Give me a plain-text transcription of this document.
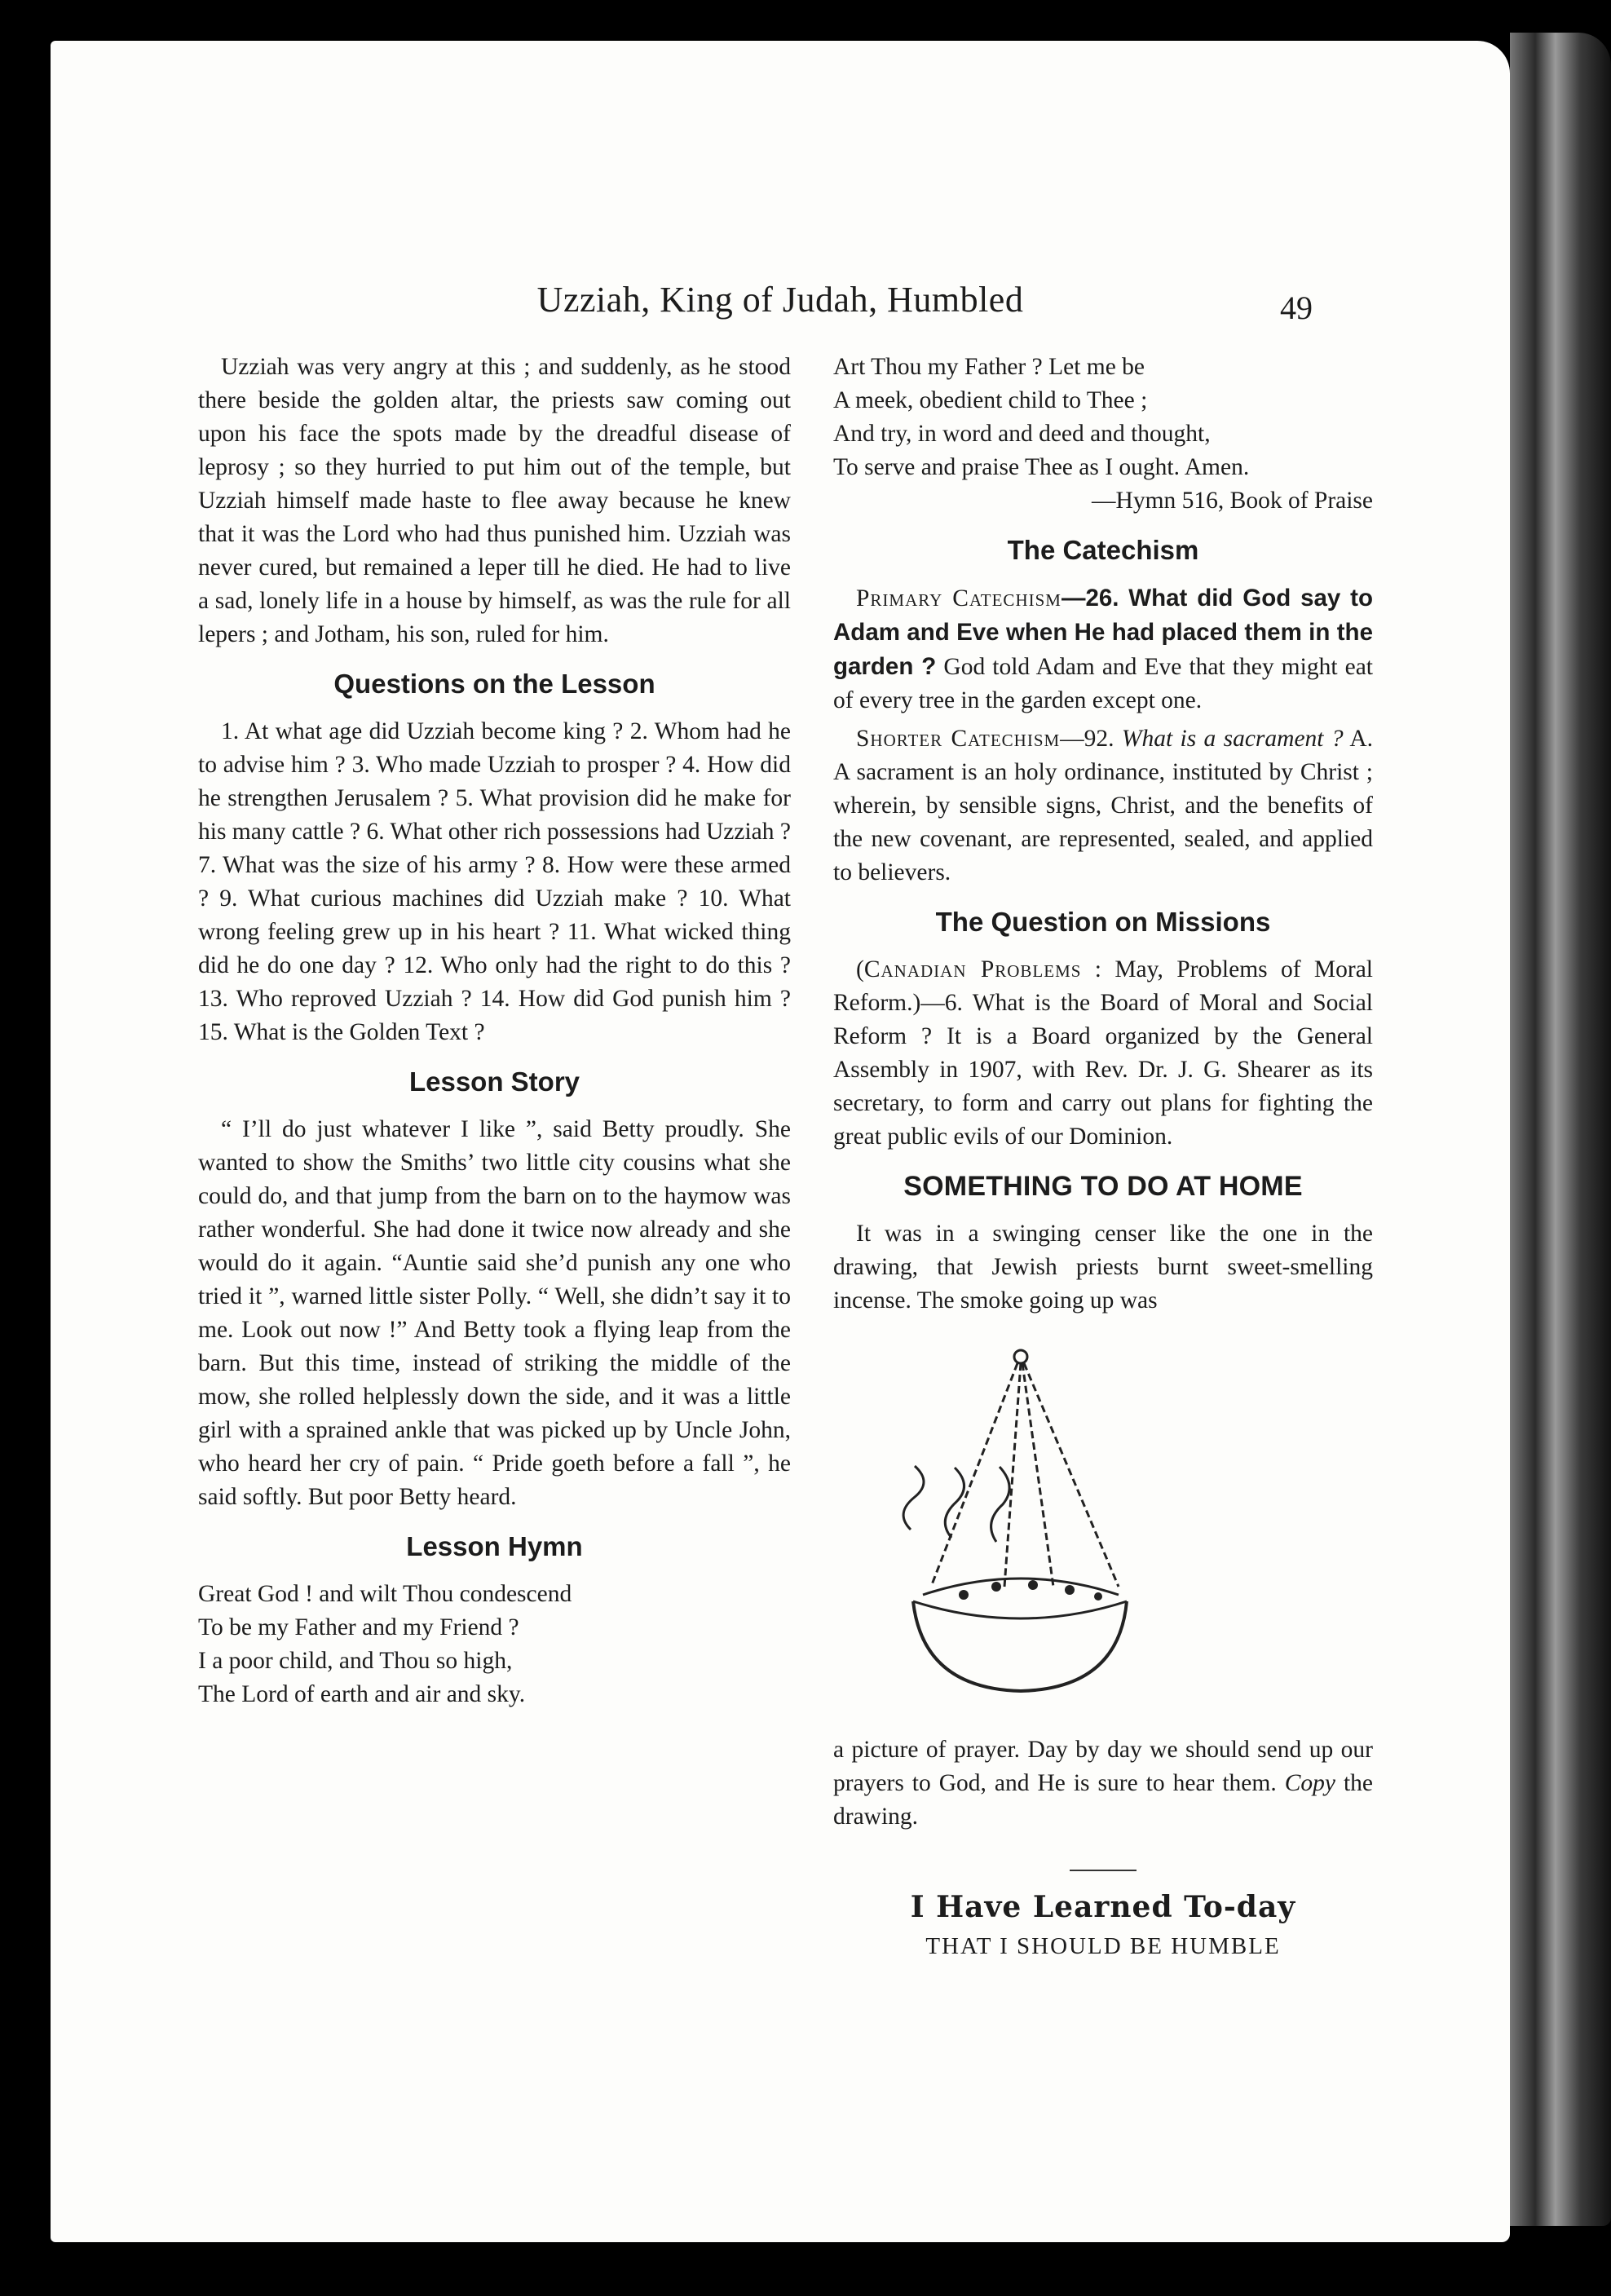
Uzziah, King of Judah, Humbled	49

Uzziah was very angry at this ; and suddenly, as he stood there beside the golden altar, the priests saw coming out upon his face the spots made by the dreadful disease of leprosy ; so they hurried to put him out of the temple, but Uzziah himself made haste to flee away because he knew that it was the Lord who had thus punished him. Uzziah was never cured, but remained a leper till he died. He had to live a sad, lonely life in a house by himself, as was the rule for all lepers ; and Jotham, his son, ruled for him.

Questions on the Lesson

1. At what age did Uzziah become king ? 2. Whom had he to advise him ? 3. Who made Uzziah to prosper ? 4. How did he strengthen Jerusalem ? 5. What provision did he make for his many cattle ? 6. What other rich possessions had Uzziah ? 7. What was the size of his army ? 8. How were these armed ? 9. What curious machines did Uzziah make ? 10. What wrong feeling grew up in his heart ? 11. What wicked thing did he do one day ? 12. Who only had the right to do this ? 13. Who reproved Uzziah ? 14. How did God punish him ? 15. What is the Golden Text ?

Lesson Story

“ I’ll do just whatever I like ”, said Betty proudly. She wanted to show the Smiths’ two little city cousins what she could do, and that jump from the barn on to the haymow was rather wonderful. She had done it twice now already and she would do it again. “Auntie said she’d punish any one who tried it ”, warned little sister Polly. “ Well, she didn’t say it to me. Look out now !” And Betty took a flying leap from the barn. But this time, instead of striking the middle of the mow, she rolled helplessly down the side, and it was a little girl with a sprained ankle that was picked up by Uncle John, who heard her cry of pain. “ Pride goeth before a fall ”, he said softly. But poor Betty heard.

Lesson Hymn
Great God ! and wilt Thou condescend
To be my Father and my Friend ?
I a poor child, and Thou so high,
The Lord of earth and air and sky.
Art Thou my Father ? Let me be
A meek, obedient child to Thee ;
And try, in word and deed and thought,
To serve and praise Thee as I ought. Amen.
—Hymn 516, Book of Praise
The Catechism

Primary Catechism—26. What did God say to Adam and Eve when He had placed them in the garden ? God told Adam and Eve that they might eat of every tree in the garden except one.

Shorter Catechism—92. What is a sacrament ? A. A sacrament is an holy ordinance, instituted by Christ ; wherein, by sensible signs, Christ, and the benefits of the new covenant, are represented, sealed, and applied to believers.

The Question on Missions

(Canadian Problems : May, Problems of Moral Reform.)—6. What is the Board of Moral and Social Reform ? It is a Board organized by the General Assembly in 1907, with Rev. Dr. J. G. Shearer as its secretary, to form and carry out plans for fighting the great public evils of our Dominion.

SOMETHING TO DO AT HOME

It was in a swinging censer like the one in the drawing, that Jewish priests burnt sweet-smelling incense. The smoke going up was

a picture of prayer. Day by day we should send up our prayers to God, and He is sure to hear them. Copy the drawing.

I Have Learned To-day
THAT I SHOULD BE HUMBLE
